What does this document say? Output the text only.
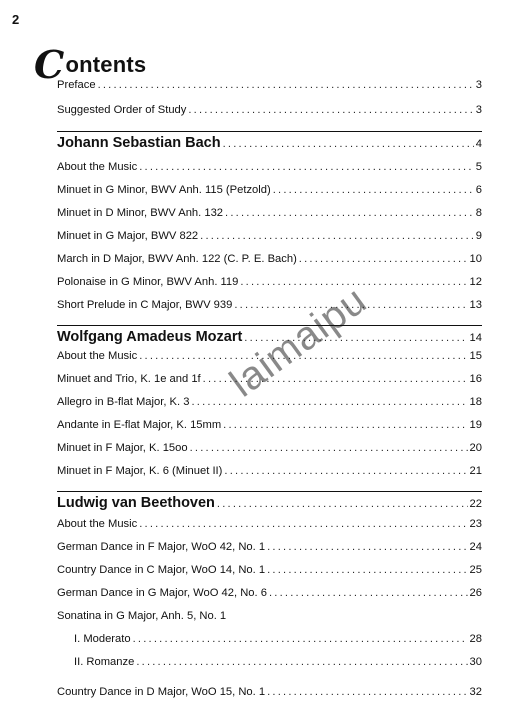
2
Contents
Preface .....	3
Suggested Order of Study .....	3
Johann Sebastian Bach .....	4
About the Music .....	5
Minuet in G Minor, BWV Anh. 115 (Petzold) .....	6
Minuet in D Minor, BWV Anh. 132 .....	8
Minuet in G Major, BWV 822 .....	9
March in D Major, BWV Anh. 122 (C. P. E. Bach) .....	10
Polonaise in G Minor, BWV Anh. 119 .....	12
Short Prelude in C Major, BWV 939 .....	13
Wolfgang Amadeus Mozart .....	14
About the Music .....	15
Minuet and Trio, K. 1e and 1f .....	16
Allegro in B-flat Major, K. 3 .....	18
Andante in E-flat Major, K. 15mm .....	19
Minuet in F Major, K. 15oo .....	20
Minuet in F Major, K. 6 (Minuet II) .....	21
Ludwig van Beethoven .....	22
About the Music .....	23
German Dance in F Major, WoO 42, No. 1 .....	24
Country Dance in C Major, WoO 14, No. 1 .....	25
German Dance in G Major, WoO 42, No. 6 .....	26
Sonatina in G Major, Anh. 5, No. 1
I. Moderato .....	28
II. Romanze .....	30
Country Dance in D Major, WoO 15, No. 1 .....	32
laimaipu
